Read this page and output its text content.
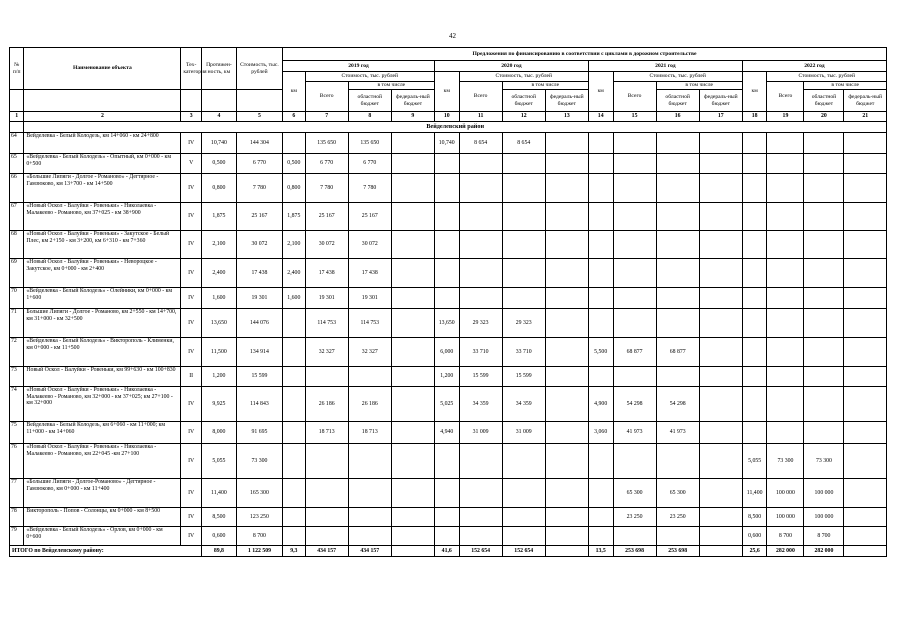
42
№ п/п	Наименование объекта	Тех-категория	Протяжен-ность, км	Стоимость, тыс. рублей	Предложения по финансированию в соответствии с циклами в дорожном строительстве															
					2019 год				2020 год				2021 год				2022 год			
					км	Стоимость, тыс. рублей			км	Стоимость, тыс. рублей			км	Стоимость, тыс. рублей			км	Стоимость, тыс. рублей		
						Всего	в том числе			Всего	в том числе			Всего	в том числе			Всего	в том числе	
							областной бюджет	федераль-ный бюджет			областной бюджет	федераль-ный бюджет			областной бюджет	федераль-ный бюджет			областной бюджет	федераль-ный бюджет
1	2	3	4	5	6	7	8	9	10	11	12	13	14	15	16	17	18	19	20	21
	Вейделевский район																			
64	Вейделевка - Белый Колодезь, км 14+060 - км 24+800	IV	10,740	144 304		135 650	135 650		10,740	8 654	8 654									
65	«Вейделевка - Белый Колодезь» - Опытный, км 0+000 - км 0+500	V	0,500	6 770	0,500	6 770	6 770													
66	«Большие Липяги - Долгое - Романово» - Дегтярное - Гамзюково, км 13+700 - км 14+500	IV	0,800	7 780	0,800	7 780	7 780													
67	«Новый Оскол - Валуйки - Ровеньки» - Николаевка - Малакеево - Романово, км 37+025 - км 38+900	IV	1,875	25 167	1,875	25 167	25 167													
68	«Новый Оскол - Валуйки - Ровеньки» - Закутское - Белый Плес, км 2+150 - км 3+200, км 6+310 - км 7+360	IV	2,100	30 072	2,100	30 072	30 072													
69	«Новый Оскол - Валуйки - Ровеньки» - Невороцкое - Закутское, км 0+000 - км 2+400	IV	2,400	17 438	2,400	17 438	17 438													
70	«Вейделевка - Белый Колодезь» - Олейники, км 0+000 - км 1+600	IV	1,600	19 301	1,600	19 301	19 301													
71	Большие Липяги - Долгое - Романово, км 2+550 - км 14+700, км 31+000 - км 32+500	IV	13,650	144 076		114 753	114 753		13,650	29 323	29 323									
72	«Вейделевка - Белый Колодезь» - Викторополь - Клименки, км 0+000 - км 11+500	IV	11,500	134 914		32 327	32 327		6,000	33 710	33 710		5,500	68 877	68 877					
73	Новый Оскол - Валуйки - Ровеньки, км 99+630 - км 100+830	II	1,200	15 599					1,200	15 599	15 599									
74	«Новый Оскол - Валуйки - Ровеньки» - Николаевка - Малакеево - Романово, км 32+000 - км 37+025; км 27+100 - км 32+000	IV	9,925	114 843		26 186	26 186		5,025	34 359	34 359		4,900	54 298	54 298					
75	Вейделевка - Белый Колодезь, км 6+060 - км 11+000; км 11+000 - км 14+060	IV	8,000	91 695		18 713	18 713		4,940	31 009	31 009		3,060	41 973	41 973					
76	«Новый Оскол - Валуйки - Ровеньки» - Николаевка - Малакеево - Романово, км 22+045 -км 27+100	IV	5,055	73 300													5,055	73 300	73 300	
77	«Большие Липяги - Долгое-Романово» - Дегтярное - Гамзюково, км 0+000 - км 11+400	IV	11,400	165 300										65 300	65 300		11,400	100 000	100 000	
78	Викторополь - Попов - Солонцы, км 0+000 - км 8+500	IV	8,500	123 250										23 250	23 250		8,500	100 000	100 000	
79	«Вейделевка - Белый Колодезь» - Орлов, км 0+000 - км 0+600	IV	0,600	8 700													0,600	8 700	8 700	
ИТОГО по Вейделевскому району:			89,8	1 122 509	9,3	434 157	434 157		41,6	152 654	152 654		13,5	253 698	253 698		25,6	282 000	282 000	
